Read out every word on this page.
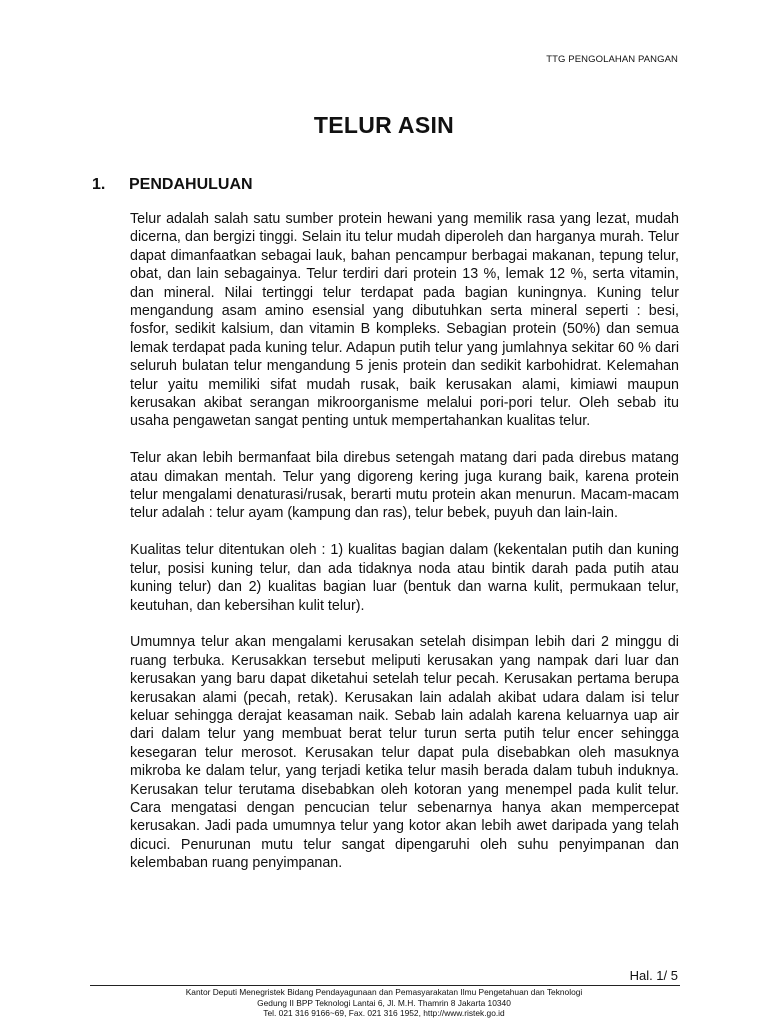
TTG PENGOLAHAN PANGAN
TELUR ASIN
1. PENDAHULUAN

Telur adalah salah satu sumber protein hewani yang memilik rasa yang lezat, mudah dicerna, dan bergizi tinggi. Selain itu telur mudah diperoleh dan harganya murah. Telur dapat dimanfaatkan sebagai lauk, bahan pencampur berbagai makanan, tepung telur, obat, dan lain sebagainya. Telur terdiri dari protein 13 %, lemak 12 %, serta vitamin, dan mineral. Nilai tertinggi telur terdapat pada bagian kuningnya. Kuning telur mengandung asam amino esensial yang dibutuhkan serta mineral seperti : besi, fosfor, sedikit kalsium, dan vitamin B kompleks. Sebagian protein (50%) dan semua lemak terdapat pada kuning telur. Adapun putih telur yang jumlahnya sekitar 60 % dari seluruh bulatan telur mengandung 5 jenis protein dan sedikit karbohidrat. Kelemahan telur yaitu memiliki sifat mudah rusak, baik kerusakan alami, kimiawi maupun kerusakan akibat serangan mikroorganisme melalui pori-pori telur. Oleh sebab itu usaha pengawetan sangat penting untuk mempertahankan kualitas telur.

Telur akan lebih bermanfaat bila direbus setengah matang dari pada direbus matang atau dimakan mentah. Telur yang digoreng kering juga kurang baik, karena protein telur mengalami denaturasi/rusak, berarti mutu protein akan menurun. Macam-macam telur adalah : telur ayam (kampung dan ras), telur bebek, puyuh dan lain-lain.

Kualitas telur ditentukan oleh : 1) kualitas bagian dalam (kekentalan putih dan kuning telur, posisi kuning telur, dan ada tidaknya noda atau bintik darah pada putih atau kuning telur) dan 2) kualitas bagian luar (bentuk dan warna kulit, permukaan telur, keutuhan, dan kebersihan kulit telur).

Umumnya telur akan mengalami kerusakan setelah disimpan lebih dari 2 minggu di ruang terbuka. Kerusakkan tersebut meliputi kerusakan yang nampak dari luar dan kerusakan yang baru dapat diketahui setelah telur pecah. Kerusakan pertama berupa kerusakan alami (pecah, retak). Kerusakan lain adalah akibat udara dalam isi telur keluar sehingga derajat keasaman naik. Sebab lain adalah karena keluarnya uap air dari dalam telur yang membuat berat telur turun serta putih telur encer sehingga kesegaran telur merosot. Kerusakan telur dapat pula disebabkan oleh masuknya mikroba ke dalam telur, yang terjadi ketika telur masih berada dalam tubuh induknya. Kerusakan telur terutama disebabkan oleh kotoran yang menempel pada kulit telur. Cara mengatasi dengan pencucian telur sebenarnya hanya akan mempercepat kerusakan. Jadi pada umumnya telur yang kotor akan lebih awet daripada yang telah dicuci. Penurunan mutu telur sangat dipengaruhi oleh suhu penyimpanan dan kelembaban ruang penyimpanan.

Hal. 1/ 5
Kantor Deputi Menegristek Bidang Pendayagunaan dan Pemasyarakatan Ilmu Pengetahuan dan Teknologi
Gedung II BPP Teknologi Lantai 6, Jl. M.H. Thamrin 8 Jakarta 10340
Tel. 021 316 9166~69, Fax. 021 316 1952, http://www.ristek.go.id
